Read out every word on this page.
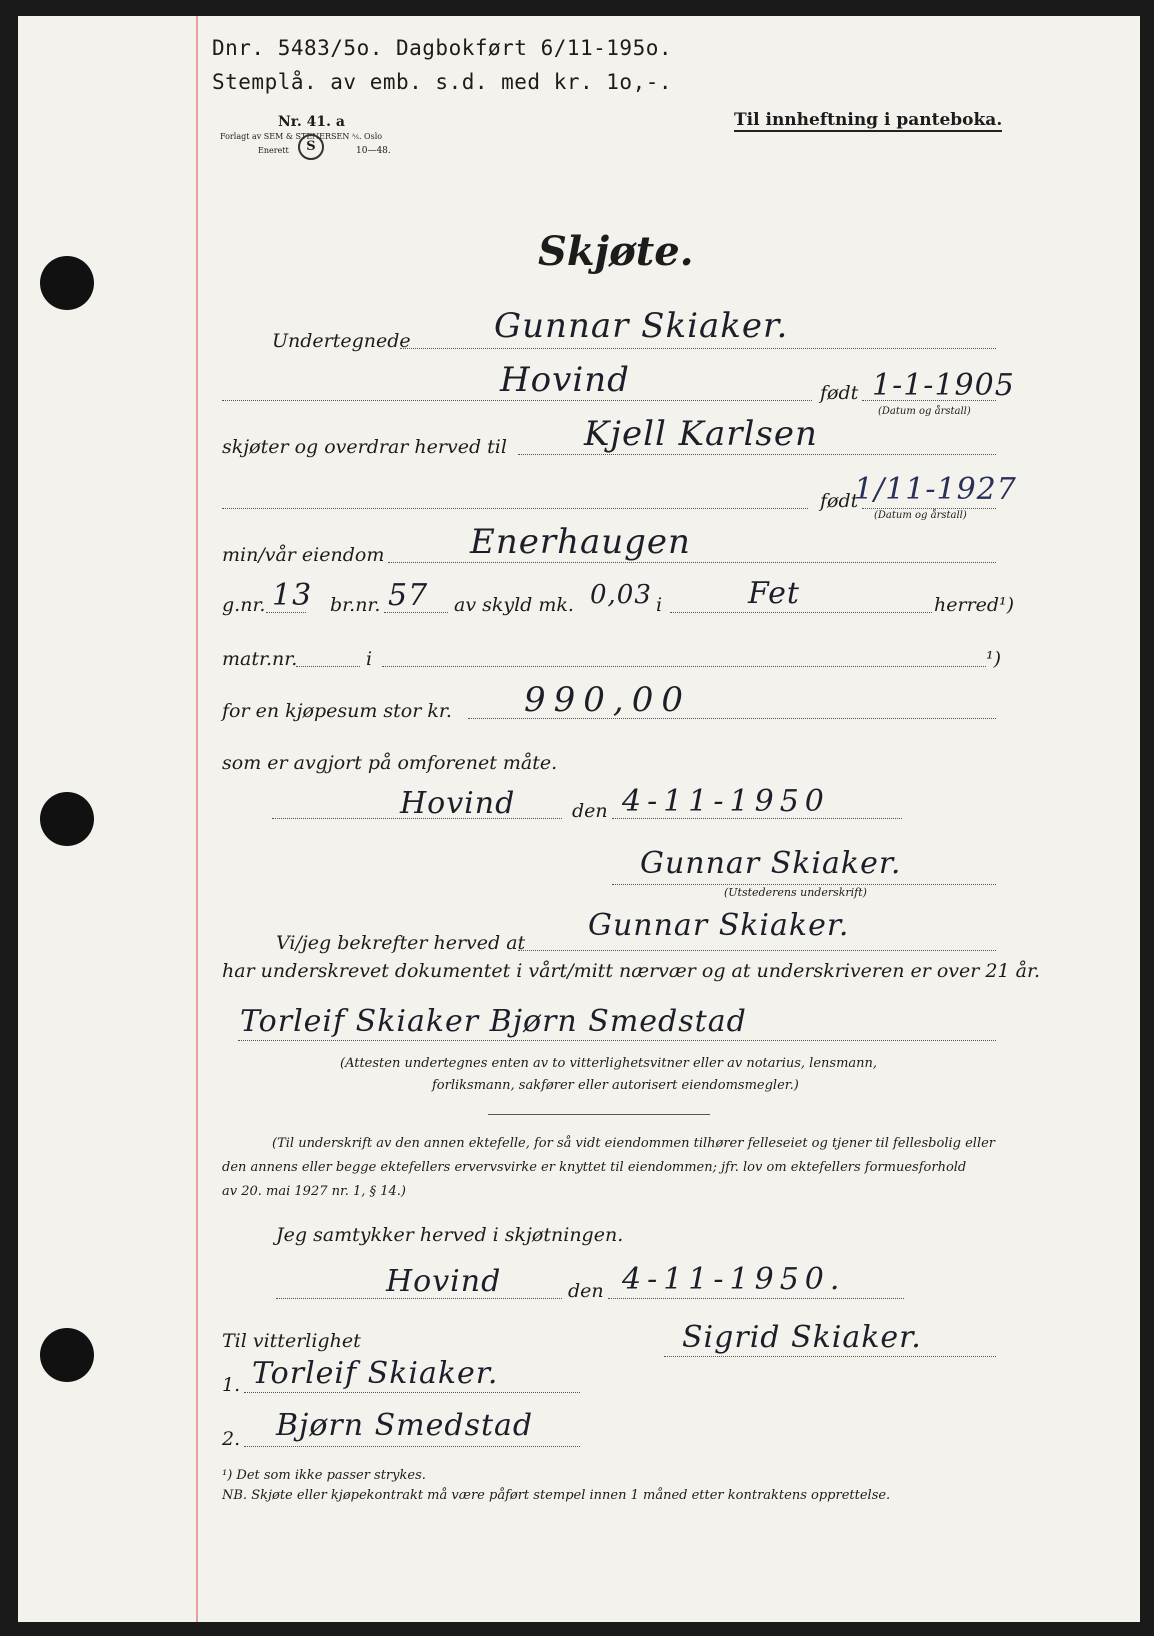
Dnr. 5483/5o. Dagbokført 6/11-195o.
Stemplå. av emb. s.d. med kr. 1o,-.
Nr. 41. a
Forlagt av SEM & STENERSEN ⅍. Oslo
Enerett	S	10—48.
Til innheftning i panteboka.
Skjøte.
Undertegnede Gunnar Skiaker.
Hovind	født 1-1-1905
(Datum og årstall)
skjøter og overdrar herved til Kjell Karlsen
født
1/11-1927
(Datum og årstall)
min/vår eiendom	Enerhaugen
g.nr. 13 br.nr. 57 av skyld mk. 0,03 i	Fet	herred¹)
matr.nr.	i	¹)
for en kjøpesum stor kr. 990,00
som er avgjort på omforenet måte.
Hovind	den 4-11-1950
Gunnar Skiaker.
(Utstederens underskrift)
Vi/jeg bekrefter herved at Gunnar Skiaker.
har underskrevet dokumentet i vårt/mitt nærvær og at underskriveren er over 21 år.
Torleif Skiaker Bjørn Smedstad
(Attesten undertegnes enten av to vitterlighetsvitner eller av notarius, lensmann,
forliksmann, sakfører eller autorisert eiendomsmegler.)
(Til underskrift av den annen ektefelle, for så vidt eiendommen tilhører felleseiet og tjener til fellesbolig eller
den annens eller begge ektefellers ervervsvirke er knyttet til eiendommen; jfr. lov om ektefellers formuesforhold
av 20. mai 1927 nr. 1, § 14.)
Jeg samtykker herved i skjøtningen.
Hovind	den 4-11-1950.
Sigrid Skiaker.
Til vitterlighet
1. Torleif Skiaker.
2. Bjørn Smedstad
¹) Det som ikke passer strykes.
NB. Skjøte eller kjøpekontrakt må være påført stempel innen 1 måned etter kontraktens opprettelse.
